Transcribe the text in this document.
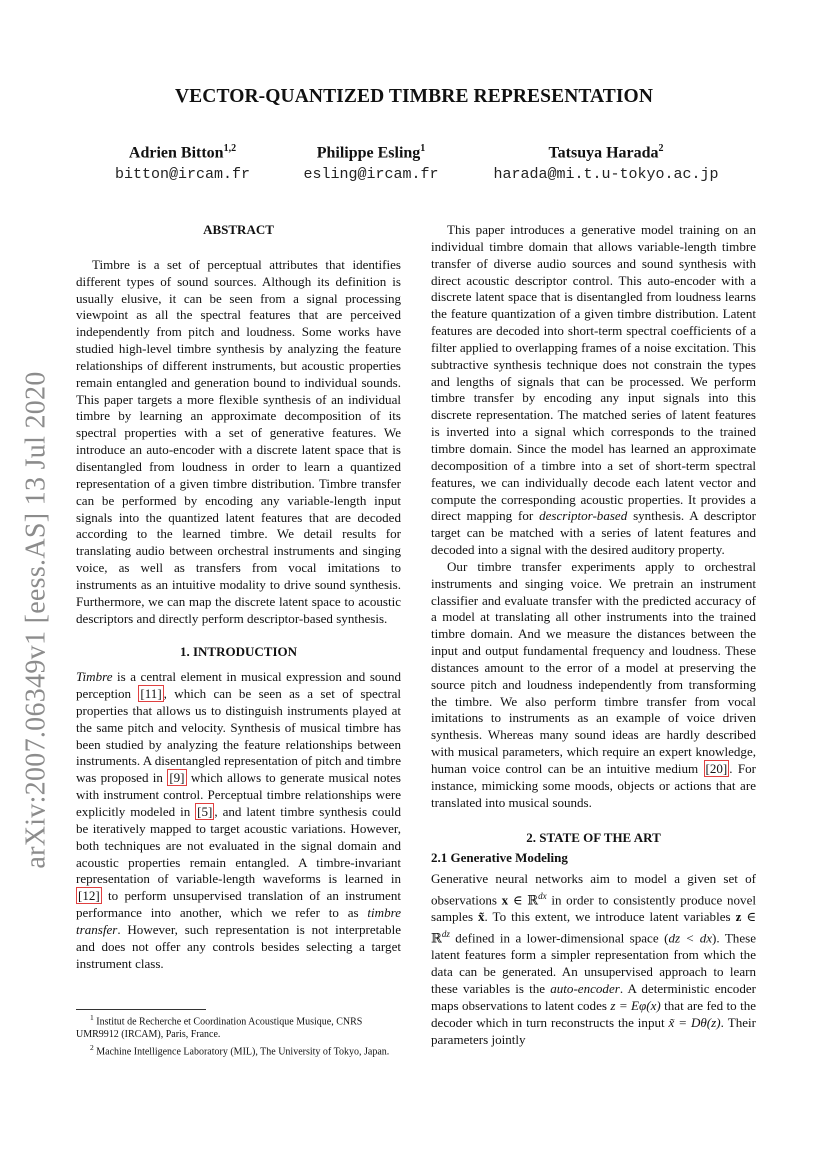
arXiv:2007.06349v1 [eess.AS] 13 Jul 2020
VECTOR-QUANTIZED TIMBRE REPRESENTATION
Adrien Bitton$^{1,2}$
bitton@ircam.fr
Philippe Esling$^1$
esling@ircam.fr
Tatsuya Harada$^2$
harada@mi.t.u-tokyo.ac.jp
ABSTRACT

Timbre is a set of perceptual attributes that identifies different types of sound sources. Although its definition is usually elusive, it can be seen from a signal processing viewpoint as all the spectral features that are perceived independently from pitch and loudness. Some works have studied high-level timbre synthesis by analyzing the feature relationships of different instruments, but acoustic properties remain entangled and generation bound to individual sounds. This paper targets a more flexible synthesis of an individual timbre by learning an approximate decomposition of its spectral properties with a set of generative features. We introduce an auto-encoder with a discrete latent space that is disentangled from loudness in order to learn a quantized representation of a given timbre distribution. Timbre transfer can be performed by encoding any variable-length input signals into the quantized latent features that are decoded according to the learned timbre. We detail results for translating audio between orchestral instruments and singing voice, as well as transfers from vocal imitations to instruments as an intuitive modality to drive sound synthesis. Furthermore, we can map the discrete latent space to acoustic descriptors and directly perform descriptor-based synthesis.

1. INTRODUCTION

Timbre is a central element in musical expression and sound perception [11] , which can be seen as a set of spectral properties that allows us to distinguish instruments played at the same pitch and velocity. Synthesis of musical timbre has been studied by analyzing the feature relationships between instruments. A disentangled representation of pitch and timbre was proposed in [9] which allows to generate musical notes with instrument control. Perceptual timbre relationships were explicitly modeled in [5] , and latent timbre synthesis could be iteratively mapped to target acoustic variations. However, both techniques are not evaluated in the signal domain and acoustic properties remain entangled. A timbre-invariant representation of variable-length waveforms is learned in [12] to perform unsupervised translation of an instrument performance into another, which we refer to as timbre transfer. However, such representation is not interpretable and does not offer any controls besides selecting a target instrument class.

$^1$ Institut de Recherche et Coordination Acoustique Musique, CNRS UMR9912 (IRCAM), Paris, France.

$^2$ Machine Intelligence Laboratory (MIL), The University of Tokyo, Japan.

This paper introduces a generative model training on an individual timbre domain that allows variable-length timbre transfer of diverse audio sources and sound synthesis with direct acoustic descriptor control. This auto-encoder with a discrete latent space that is disentangled from loudness learns the feature quantization of a given timbre distribution. Latent features are decoded into short-term spectral coefficients of a filter applied to overlapping frames of a noise excitation. This subtractive synthesis technique does not constrain the types and lengths of signals that can be processed. We perform timbre transfer by encoding any input signals into this discrete representation. The matched series of latent features is inverted into a signal which corresponds to the trained timbre domain. Since the model has learned an approximate decomposition of a timbre into a set of short-term spectral features, we can individually decode each latent vector and compute the corresponding acoustic properties. It provides a direct mapping for descriptor-based synthesis. A descriptor target can be matched with a series of latent features and decoded into a signal with the desired auditory property.

Our timbre transfer experiments apply to orchestral instruments and singing voice. We pretrain an instrument classifier and evaluate transfer with the predicted accuracy of a model at translating all other instruments into the trained timbre domain. And we measure the distances between the input and output fundamental frequency and loudness. These distances amount to the error of a model at preserving the source pitch and loudness independently from transforming the timbre. We also perform timbre transfer from vocal imitations to instruments as an example of voice driven synthesis. Whereas many sound ideas are hardly described with musical parameters, which require an expert knowledge, human voice control can be an intuitive medium [20] . For instance, mimicking some moods, objects or actions that are translated into musical sounds.

2. STATE OF THE ART
2.1 Generative Modeling

Generative neural networks aim to model a given set of observations x ∈ ℝ$^{dx}$ in order to consistently produce novel samples x̃. To this extent, we introduce latent variables z ∈ ℝ$^{dz}$ defined in a lower-dimensional space (dz < dx). These latent features form a simpler representation from which the data can be generated. An unsupervised approach to learn these variables is the auto-encoder. A deterministic encoder maps observations to latent codes z = Eφ(x) that are fed to the decoder which in turn reconstructs the input x̃ = Dθ(z). Their parameters jointly
